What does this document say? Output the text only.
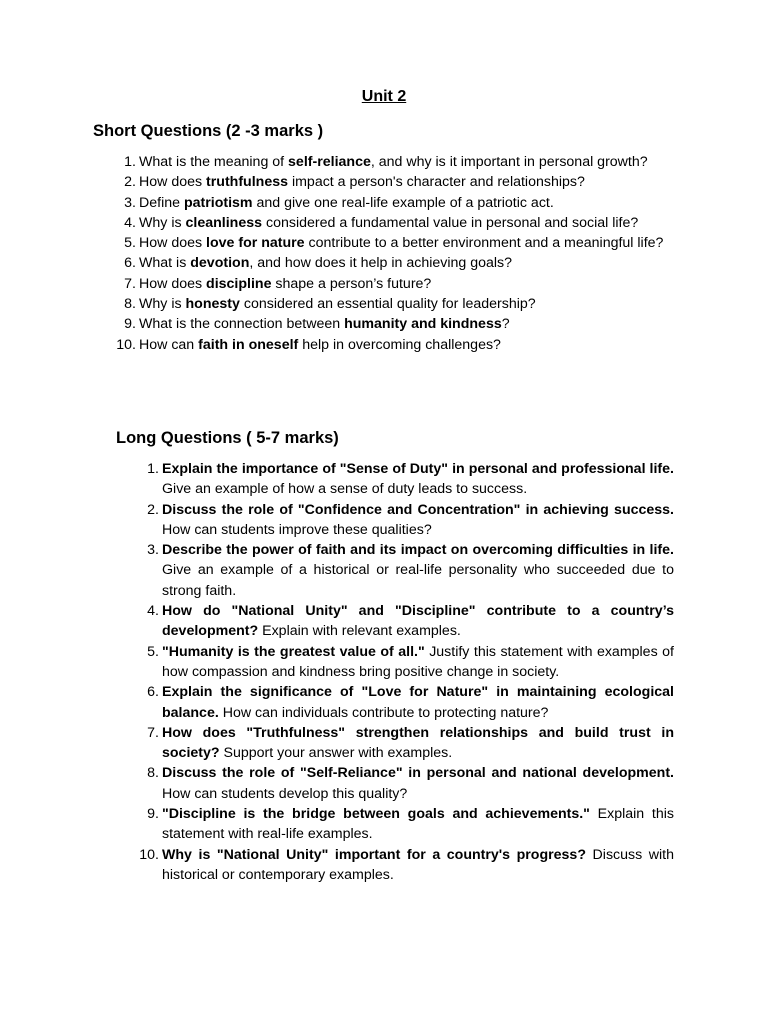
Unit 2
Short Questions (2 -3 marks )
1. What is the meaning of self-reliance, and why is it important in personal growth?
2. How does truthfulness impact a person's character and relationships?
3. Define patriotism and give one real-life example of a patriotic act.
4. Why is cleanliness considered a fundamental value in personal and social life?
5. How does love for nature contribute to a better environment and a meaningful life?
6. What is devotion, and how does it help in achieving goals?
7. How does discipline shape a person’s future?
8. Why is honesty considered an essential quality for leadership?
9. What is the connection between humanity and kindness?
10. How can faith in oneself help in overcoming challenges?
Long Questions ( 5-7 marks)
1. Explain the importance of "Sense of Duty" in personal and professional life. Give an example of how a sense of duty leads to success.
2. Discuss the role of "Confidence and Concentration" in achieving success. How can students improve these qualities?
3. Describe the power of faith and its impact on overcoming difficulties in life. Give an example of a historical or real-life personality who succeeded due to strong faith.
4. How do "National Unity" and "Discipline" contribute to a country’s development? Explain with relevant examples.
5. "Humanity is the greatest value of all." Justify this statement with examples of how compassion and kindness bring positive change in society.
6. Explain the significance of "Love for Nature" in maintaining ecological balance. How can individuals contribute to protecting nature?
7. How does "Truthfulness" strengthen relationships and build trust in society? Support your answer with examples.
8. Discuss the role of "Self-Reliance" in personal and national development. How can students develop this quality?
9. "Discipline is the bridge between goals and achievements." Explain this statement with real-life examples.
10. Why is "National Unity" important for a country's progress? Discuss with historical or contemporary examples.
